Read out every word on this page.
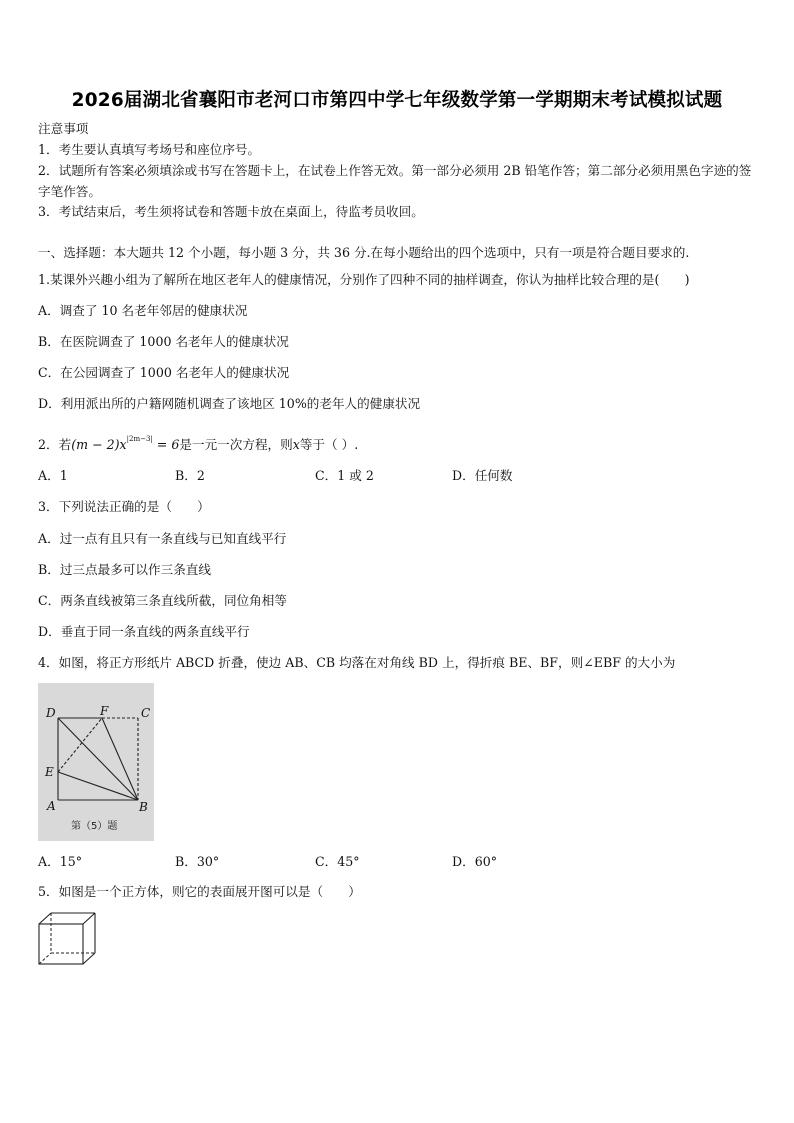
2026届湖北省襄阳市老河口市第四中学七年级数学第一学期期末考试模拟试题
注意事项
1．考生要认真填写考场号和座位序号。
2．试题所有答案必须填涂或书写在答题卡上，在试卷上作答无效。第一部分必须用 2B 铅笔作答；第二部分必须用黑色字迹的签字笔作答。
3．考试结束后，考生须将试卷和答题卡放在桌面上，待监考员收回。
一、选择题：本大题共 12 个小题，每小题 3 分，共 36 分.在每小题给出的四个选项中，只有一项是符合题目要求的.
1.某课外兴趣小组为了解所在地区老年人的健康情况，分别作了四种不同的抽样调查，你认为抽样比较合理的是(　　)
A．调查了 10 名老年邻居的健康状况
B．在医院调查了 1000 名老年人的健康状况
C．在公园调查了 1000 名老年人的健康状况
D．利用派出所的户籍网随机调查了该地区 10%的老年人的健康状况
2．若$(m - 2)x^{|2m-3|} = 6$是一元一次方程，则x等于（ ）.
A．1	B．2	C．1 或 2	D．任何数
3．下列说法正确的是（　　）
A．过一点有且只有一条直线与已知直线平行
B．过三点最多可以作三条直线
C．两条直线被第三条直线所截，同位角相等
D．垂直于同一条直线的两条直线平行
4．如图，将正方形纸片 ABCD 折叠，使边 AB、CB 均落在对角线 BD 上，得折痕 BE、BF，则∠EBF 的大小为
D	F	C
E
A	B
第（5）题
A．15°	B．30°	C．45°	D．60°
5．如图是一个正方体，则它的表面展开图可以是（　　）
